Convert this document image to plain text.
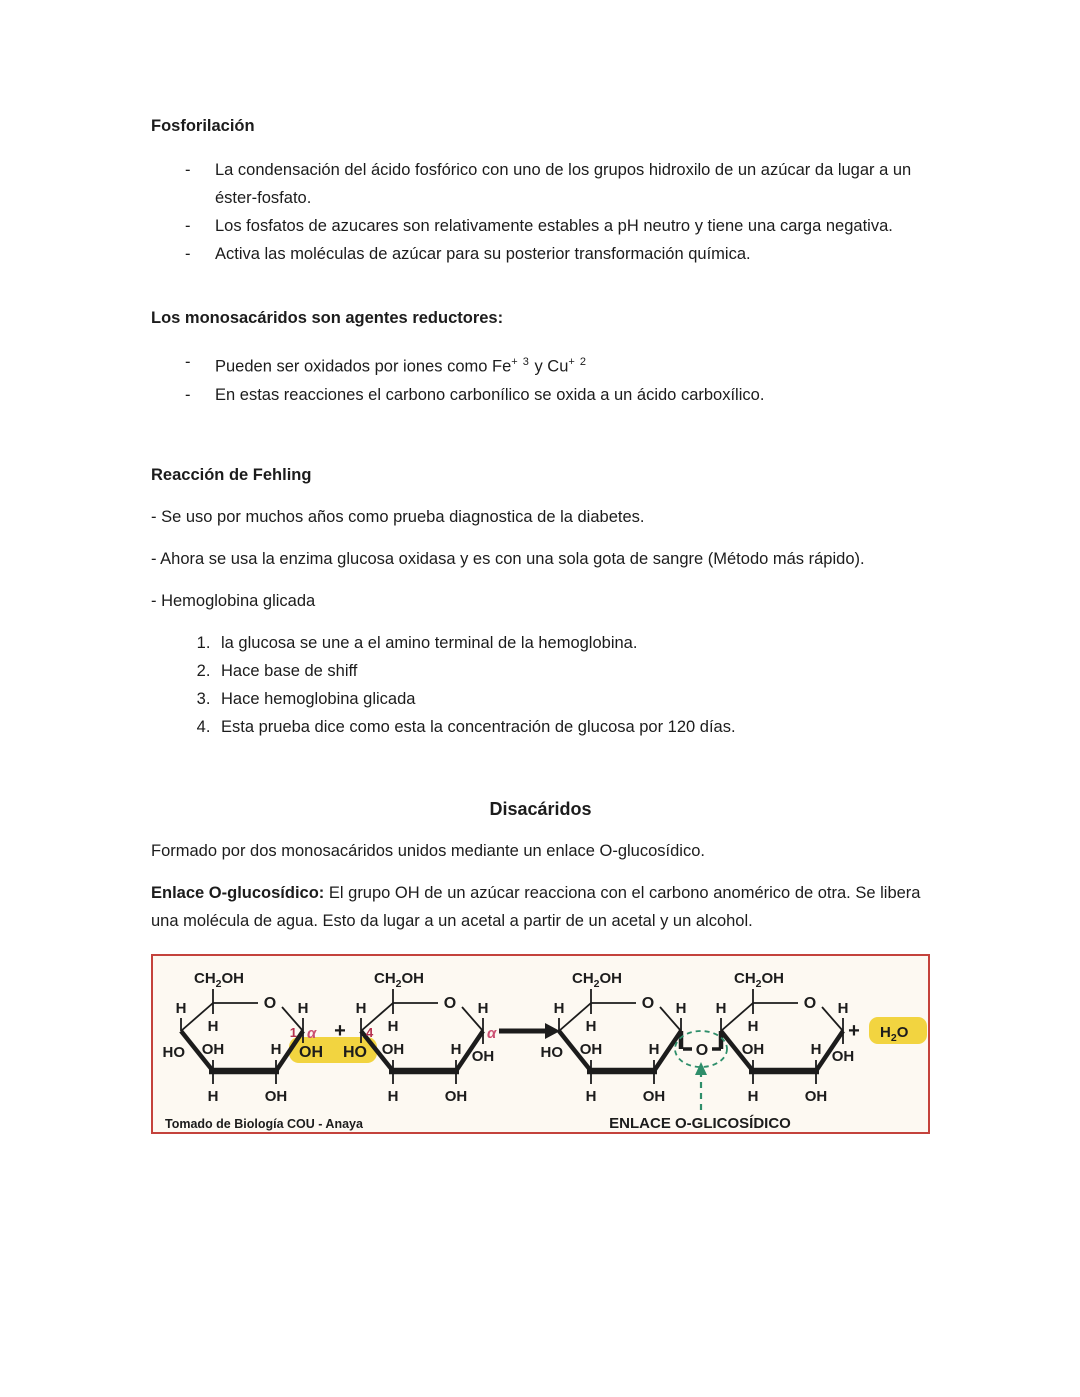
Fosforilación
- La condensación del ácido fosfórico con uno de los grupos hidroxilo de un azúcar da lugar a un éster-fosfato.
- Los fosfatos de azucares son relativamente estables a pH neutro y tiene una carga negativa.
- Activa las moléculas de azúcar para su posterior transformación química.
Los monosacáridos son agentes reductores:
- Pueden ser oxidados por iones como $Fe^{+ 3}$ y $Cu^{+ 2}$
- En estas reacciones el carbono carbonílico se oxida a un ácido carboxílico.
Reacción de Fehling

- Se uso por muchos años como prueba diagnostica de la diabetes.

- Ahora se usa la enzima glucosa oxidasa y es con una sola gota de sangre (Método más rápido).

- Hemoglobina glicada

1. la glucosa se une a el amino terminal de la hemoglobina.
2. Hace base de shiff
3. Hace hemoglobina glicada
4. Esta prueba dice como esta la concentración de glucosa por 120 días.
Disacáridos

Formado por dos monosacáridos unidos mediante un enlace O-glucosídico.

Enlace O-glucosídico: El grupo OH de un azúcar reacciona con el carbono anomérico de otra. Se libera una molécula de agua. Esto da lugar a un acetal a partir de un acetal y un alcohol.

O
$CH_2OH$
H
H
OH	H
H	OH
H
HO
1 α
O
$CH_2OH$
H
H
OH	H
H	OH
H
OH
4	α
O
$CH_2OH$
H
H
OH	H
H	OH
H
HO
O
$CH_2OH$
H
H
OH	H
H	OH
H
OH
OH HO
+
O
ENLACE O-GLICOSÍDICO
+ $H_2O$
Tomado de Biología COU - Anaya
